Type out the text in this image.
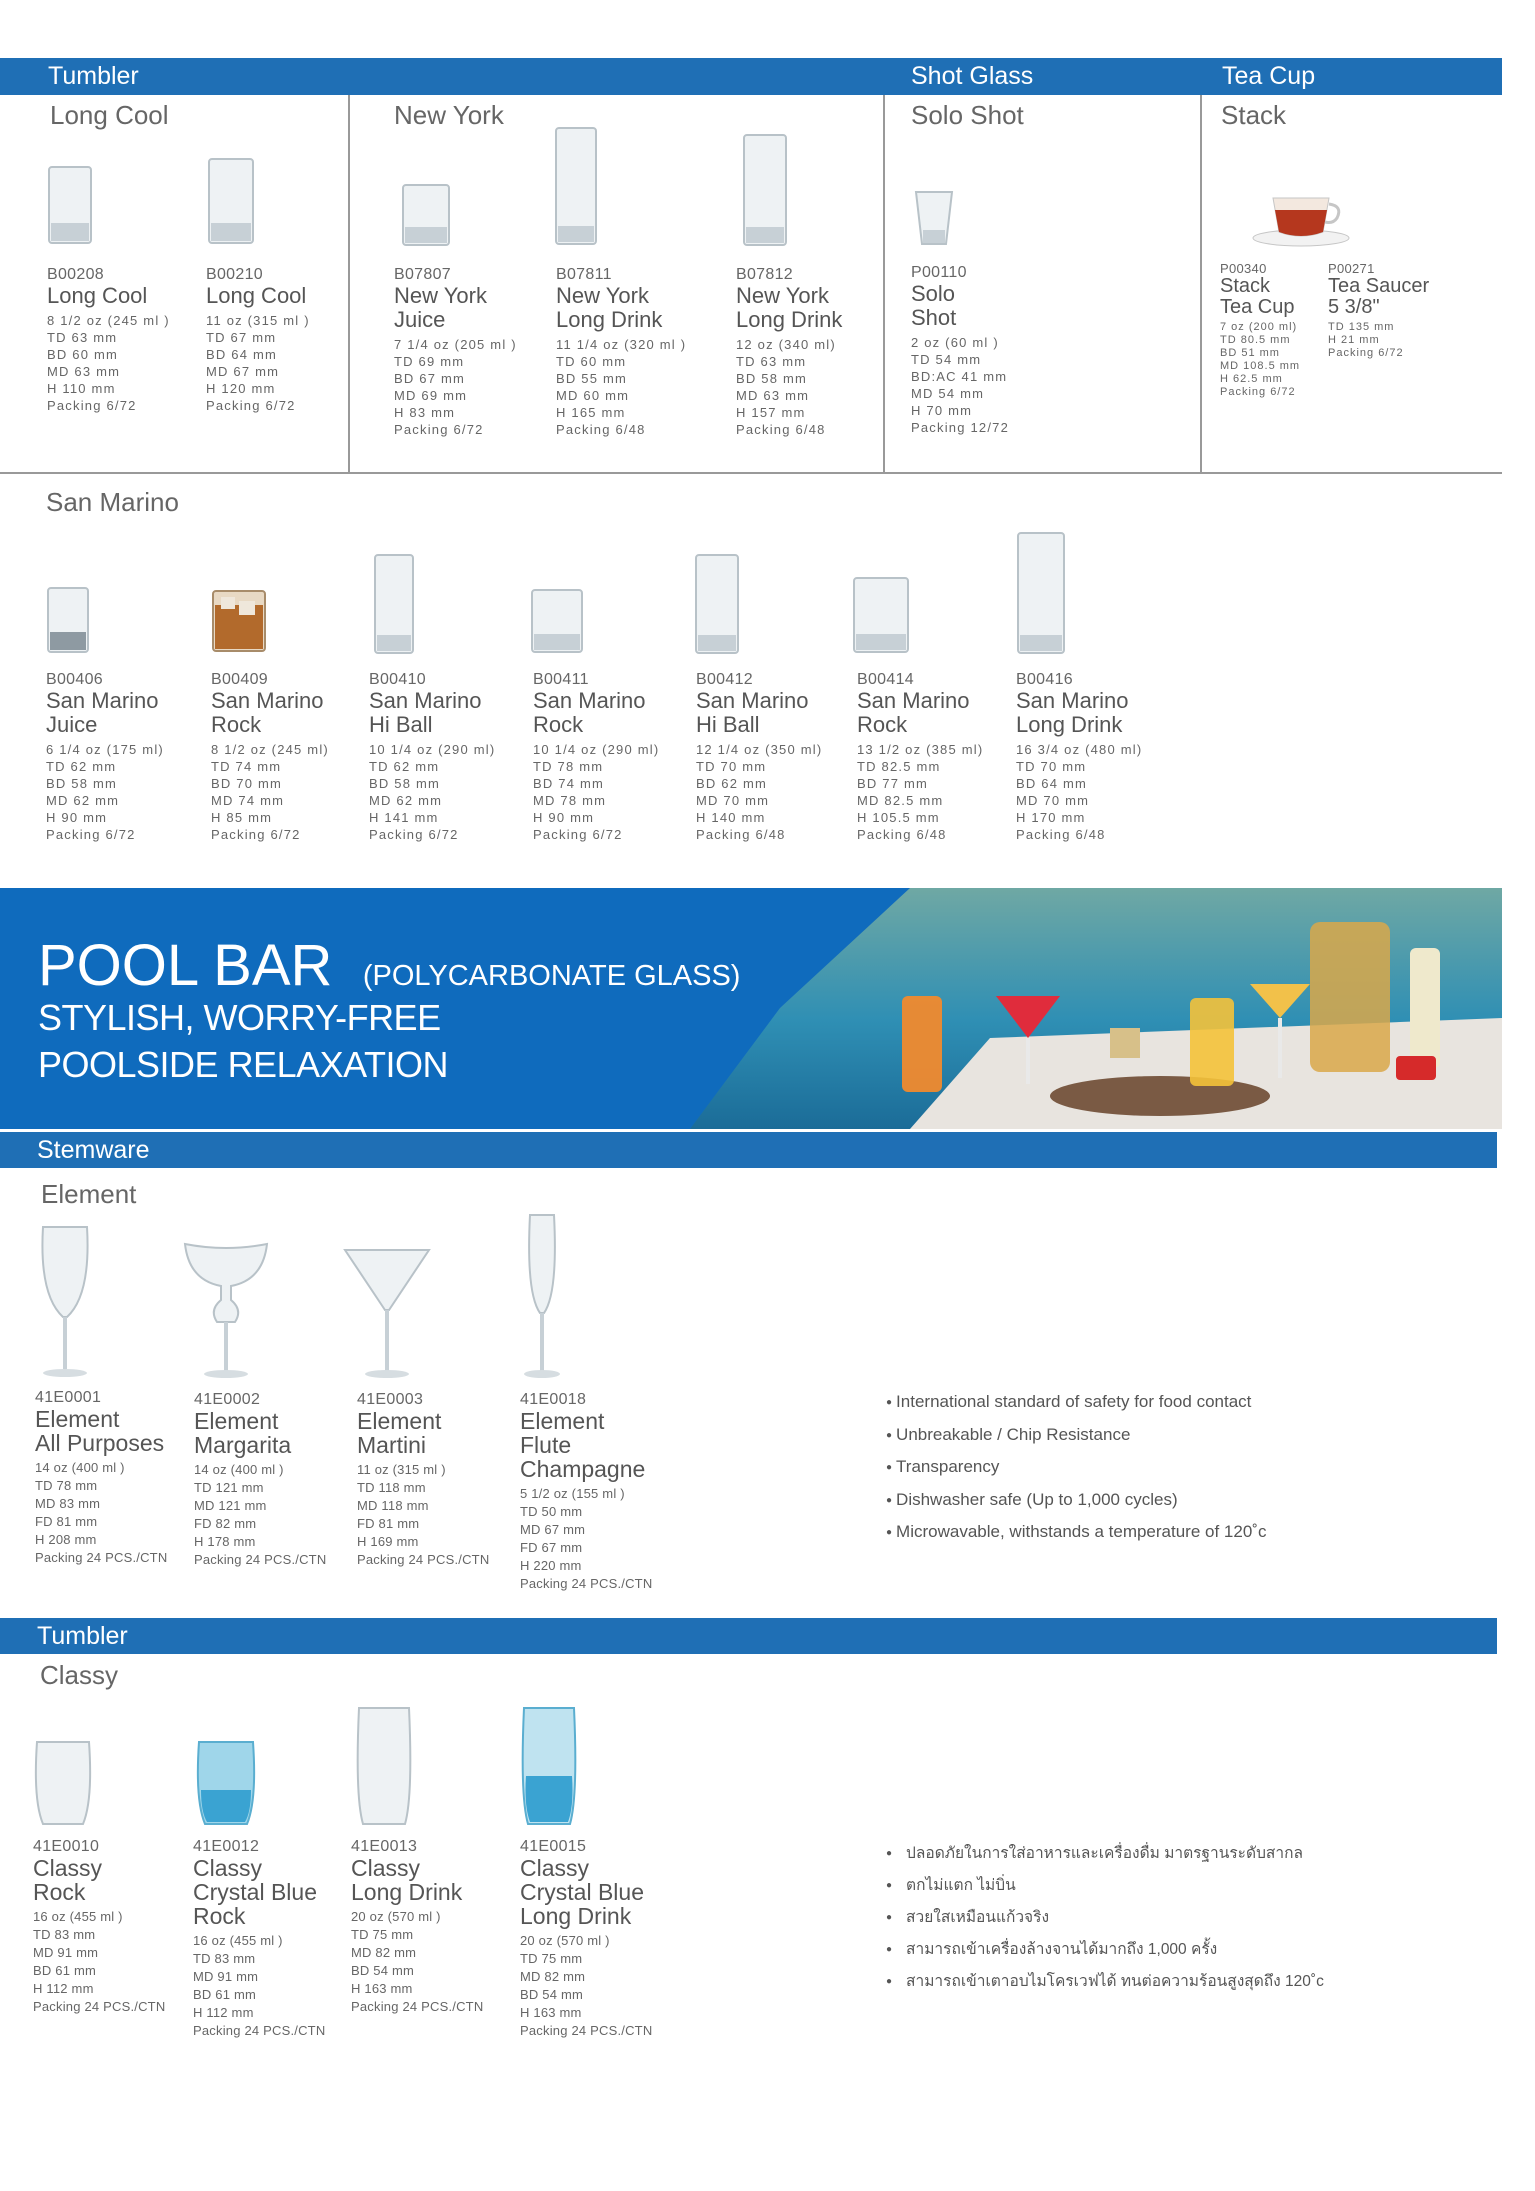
Tumbler	Shot Glass	Tea Cup
Long Cool	New York	Solo Shot	Stack
B00208
Long Cool
8 1/2 oz (245 ml )
TD 63 mm
BD 60 mm
MD 63 mm
H 110 mm
Packing 6/72
B00210
Long Cool
11 oz (315 ml )
TD 67 mm
BD 64 mm
MD 67 mm
H 120 mm
Packing 6/72
B07807
New York
Juice
7 1/4 oz (205 ml )
TD 69 mm
BD 67 mm
MD 69 mm
H 83 mm
Packing 6/72
B07811
New York
Long Drink
11 1/4 oz (320 ml )
TD 60 mm
BD 55 mm
MD 60 mm
H 165 mm
Packing 6/48
B07812
New York
Long Drink
12 oz (340 ml)
TD 63 mm
BD 58 mm
MD 63 mm
H 157 mm
Packing 6/48
P00110
Solo
Shot
2 oz (60 ml )
TD 54 mm
BD:AC 41 mm
MD 54 mm
H 70 mm
Packing 12/72
P00340
Stack
Tea Cup
7 oz (200 ml)
TD 80.5 mm
BD 51 mm
MD 108.5 mm
H 62.5 mm
Packing 6/72
P00271
Tea Saucer
5 3/8"
TD 135 mm
H 21 mm
Packing 6/72
San Marino
B00406
San Marino
Juice
6 1/4 oz (175 ml)
TD 62 mm
BD 58 mm
MD 62 mm
H 90 mm
Packing 6/72
B00409
San Marino
Rock
8 1/2 oz (245 ml)
TD 74 mm
BD 70 mm
MD 74 mm
H 85 mm
Packing 6/72
B00410
San Marino
Hi Ball
10 1/4 oz (290 ml)
TD 62 mm
BD 58 mm
MD 62 mm
H 141 mm
Packing 6/72
B00411
San Marino
Rock
10 1/4 oz (290 ml)
TD 78 mm
BD 74 mm
MD 78 mm
H 90 mm
Packing 6/72
B00412
San Marino
Hi Ball
12 1/4 oz (350 ml)
TD 70 mm
BD 62 mm
MD 70 mm
H 140 mm
Packing 6/48
B00414
San Marino
Rock
13 1/2 oz (385 ml)
TD 82.5 mm
BD 77 mm
MD 82.5 mm
H 105.5 mm
Packing 6/48
B00416
San Marino
Long Drink
16 3/4 oz (480 ml)
TD 70 mm
BD 64 mm
MD 70 mm
H 170 mm
Packing 6/48
POOL BAR (POLYCARBONATE GLASS)
STYLISH, WORRY-FREE
POOLSIDE RELAXATION
Stemware
Element
41E0001
Element
All Purposes
14 oz (400 ml )
TD 78 mm
MD 83 mm
FD 81 mm
H 208 mm
Packing 24 PCS./CTN
41E0002
Element
Margarita
14 oz (400 ml )
TD 121 mm
MD 121 mm
FD 82 mm
H 178 mm
Packing 24 PCS./CTN
41E0003
Element
Martini
11 oz (315 ml )
TD 118 mm
MD 118 mm
FD 81 mm
H 169 mm
Packing 24 PCS./CTN
41E0018
Element
Flute
Champagne
5 1/2 oz (155 ml )
TD 50 mm
MD 67 mm
FD 67 mm
H 220 mm
Packing 24 PCS./CTN
● International standard of safety for food contact
● Unbreakable / Chip Resistance
● Transparency
● Dishwasher safe (Up to 1,000 cycles)
● Microwavable, withstands a temperature of 120˚c
Tumbler
Classy
41E0010
Classy
Rock
16 oz (455 ml )
TD 83 mm
MD 91 mm
BD 61 mm
H 112 mm
Packing 24 PCS./CTN
41E0012
Classy
Crystal Blue
Rock
16 oz (455 ml )
TD 83 mm
MD 91 mm
BD 61 mm
H 112 mm
Packing 24 PCS./CTN
41E0013
Classy
Long Drink
20 oz (570 ml )
TD 75 mm
MD 82 mm
BD 54 mm
H 163 mm
Packing 24 PCS./CTN
41E0015
Classy
Crystal Blue
Long Drink
20 oz (570 ml )
TD 75 mm
MD 82 mm
BD 54 mm
H 163 mm
Packing 24 PCS./CTN
● ปลอดภัยในการใส่อาหารและเครื่องดื่ม มาตรฐานระดับสากล
● ตกไม่แตก ไม่บิ่น
● สวยใสเหมือนแก้วจริง
● สามารถเข้าเครื่องล้างจานได้มากถึง 1,000 ครั้ง
● สามารถเข้าเตาอบไมโครเวฟได้ ทนต่อความร้อนสูงสุดถึง 120˚c
